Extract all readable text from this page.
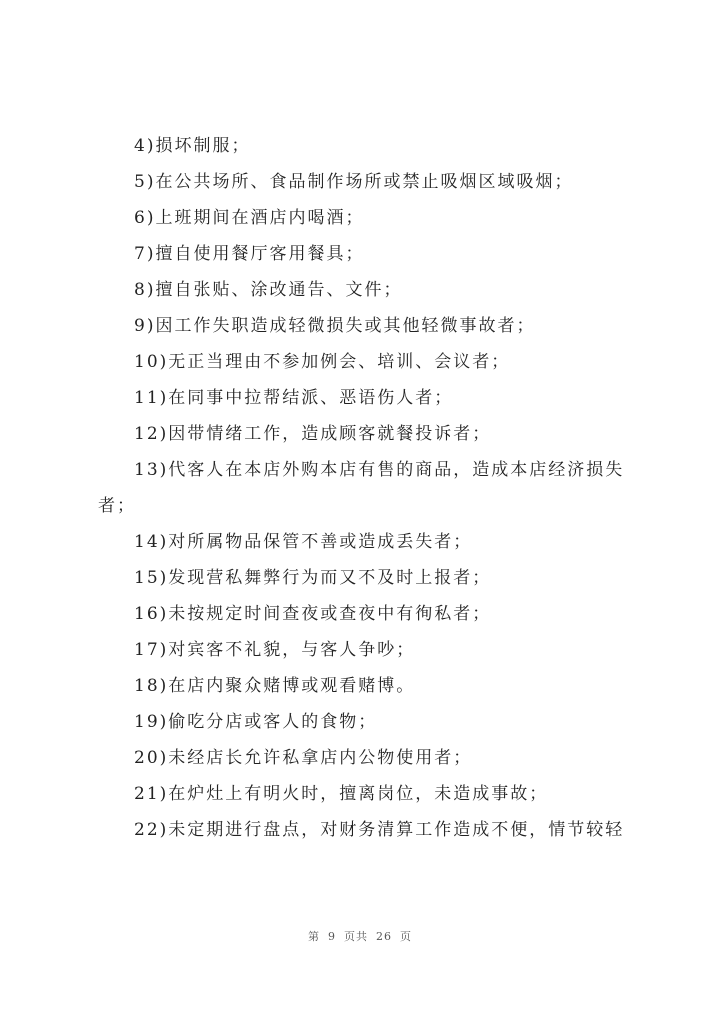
4)损坏制服；
5)在公共场所、食品制作场所或禁止吸烟区域吸烟；
6)上班期间在酒店内喝酒；
7)擅自使用餐厅客用餐具；
8)擅自张贴、涂改通告、文件；
9)因工作失职造成轻微损失或其他轻微事故者；
10)无正当理由不参加例会、培训、会议者；
11)在同事中拉帮结派、恶语伤人者；
12)因带情绪工作，造成顾客就餐投诉者；
13)代客人在本店外购本店有售的商品，造成本店经济损失
者；
14)对所属物品保管不善或造成丢失者；
15)发现营私舞弊行为而又不及时上报者；
16)未按规定时间查夜或查夜中有徇私者；
17)对宾客不礼貌，与客人争吵；
18)在店内聚众赌博或观看赌博。
19)偷吃分店或客人的食物；
20)未经店长允许私拿店内公物使用者；
21)在炉灶上有明火时，擅离岗位，未造成事故；
22)未定期进行盘点，对财务清算工作造成不便，情节较轻
第 9 页共 26 页
